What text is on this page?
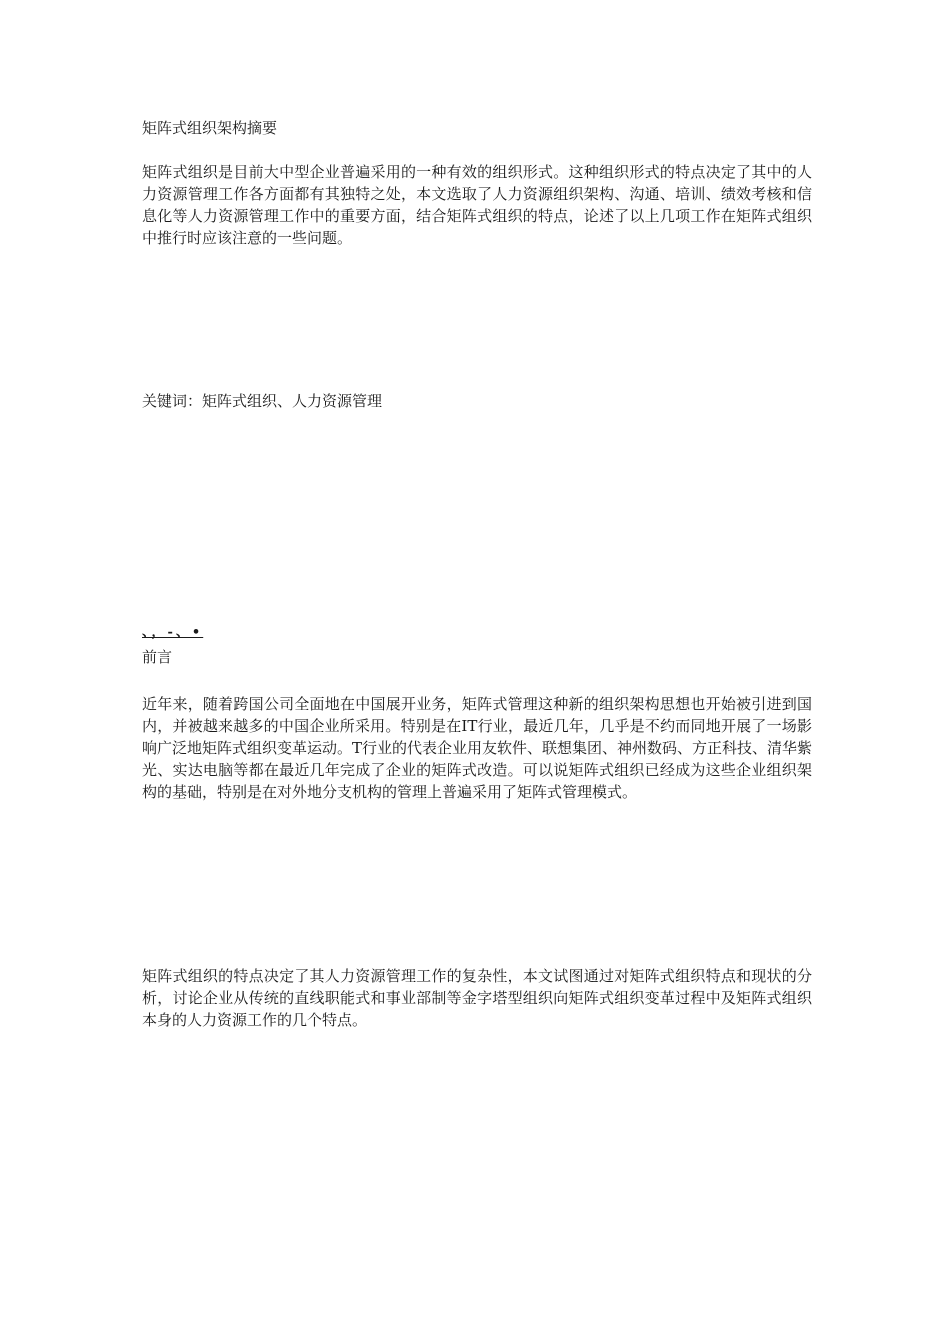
矩阵式组织架构摘要

矩阵式组织是目前大中型企业普遍采用的一种有效的组织形式。这种组织形式的特点决定了其中的人力资源管理工作各方面都有其独特之处，本文选取了人力资源组织架构、沟通、培训、绩效考核和信息化等人力资源管理工作中的重要方面，结合矩阵式组织的特点，论述了以上几项工作在矩阵式组织中推行时应该注意的一些问题。

关键词：矩阵式组织、人力资源管理

、，-、•

前言

近年来，随着跨国公司全面地在中国展开业务，矩阵式管理这种新的组织架构思想也开始被引进到国内，并被越来越多的中国企业所采用。特别是在IT行业，最近几年，几乎是不约而同地开展了一场影响广泛地矩阵式组织变革运动。T行业的代表企业用友软件、联想集团、神州数码、方正科技、清华紫光、实达电脑等都在最近几年完成了企业的矩阵式改造。可以说矩阵式组织已经成为这些企业组织架构的基础，特别是在对外地分支机构的管理上普遍采用了矩阵式管理模式。

矩阵式组织的特点决定了其人力资源管理工作的复杂性，本文试图通过对矩阵式组织特点和现状的分析，讨论企业从传统的直线职能式和事业部制等金字塔型组织向矩阵式组织变革过程中及矩阵式组织本身的人力资源工作的几个特点。
